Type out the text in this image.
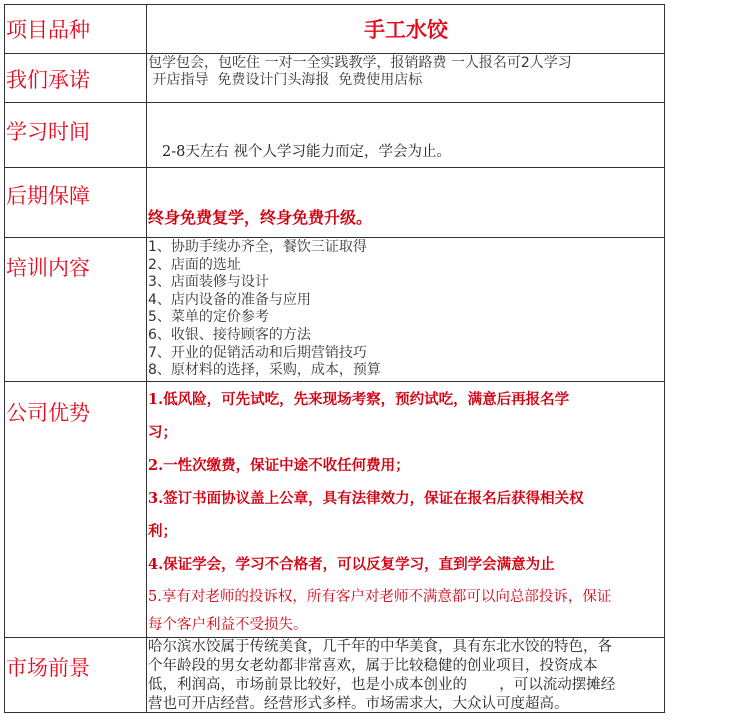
项目品种	手工水饺
我们承诺
包学包会，包吃住 一对一全实践教学，报销路费 一人报名可2人学习
开店指导  免费设计门头海报  免费使用店标
学习时间
2-8天左右 视个人学习能力而定，学会为止。
后期保障
终身免费复学，终身免费升级。
培训内容

1、协助手续办齐全，餐饮三证取得

2、店面的选址

3、店面装修与设计

4、店内设备的准备与应用

5、菜单的定价参考

6、收银、接待顾客的方法

7、开业的促销活动和后期营销技巧

8、原材料的选择，采购，成本，预算

公司优势

1.低风险，可先试吃，先来现场考察，预约试吃，满意后再报名学

习；

2.一性次缴费，保证中途不收任何费用；

3.签订书面协议盖上公章，具有法律效力，保证在报名后获得相关权

利；

4.保证学会，学习不合格者，可以反复学习，直到学会满意为止

5.享有对老师的投诉权，所有客户对老师不满意都可以向总部投诉，保证

每个客户利益不受损失。

市场前景

哈尔滨水饺属于传统美食，几千年的中华美食，具有东北水饺的特色，各

个年龄段的男女老幼都非常喜欢，属于比较稳健的创业项目，投资成本

低，利润高，市场前景比较好，也是小成本创业的       ，可以流动摆摊经

营也可开店经营。经营形式多样。市场需求大，大众认可度超高。
